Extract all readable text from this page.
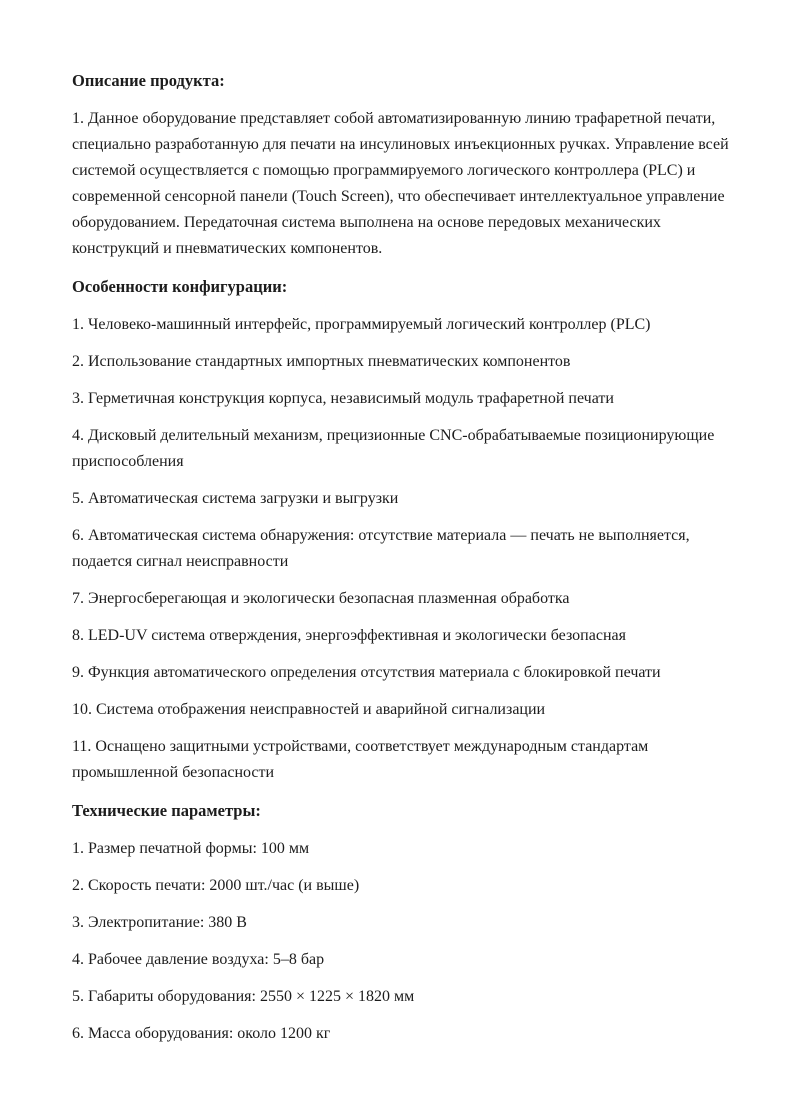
Описание продукта:

1. Данное оборудование представляет собой автоматизированную линию трафаретной печати, специально разработанную для печати на инсулиновых инъекционных ручках. Управление всей системой осуществляется с помощью программируемого логического контроллера (PLC) и современной сенсорной панели (Touch Screen), что обеспечивает интеллектуальное управление оборудованием. Передаточная система выполнена на основе передовых механических конструкций и пневматических компонентов.

Особенности конфигурации:

1. Человеко-машинный интерфейс, программируемый логический контроллер (PLC)

2. Использование стандартных импортных пневматических компонентов

3. Герметичная конструкция корпуса, независимый модуль трафаретной печати

4. Дисковый делительный механизм, прецизионные CNC-обрабатываемые позиционирующие приспособления

5. Автоматическая система загрузки и выгрузки

6. Автоматическая система обнаружения: отсутствие материала — печать не выполняется, подается сигнал неисправности

7. Энергосберегающая и экологически безопасная плазменная обработка

8. LED-UV система отверждения, энергоэффективная и экологически безопасная

9. Функция автоматического определения отсутствия материала с блокировкой печати

10. Система отображения неисправностей и аварийной сигнализации

11. Оснащено защитными устройствами, соответствует международным стандартам промышленной безопасности

Технические параметры:

1. Размер печатной формы: 100 мм

2. Скорость печати: 2000 шт./час (и выше)

3. Электропитание: 380 В

4. Рабочее давление воздуха: 5–8 бар

5. Габариты оборудования: 2550 × 1225 × 1820 мм

6. Масса оборудования: около 1200 кг
